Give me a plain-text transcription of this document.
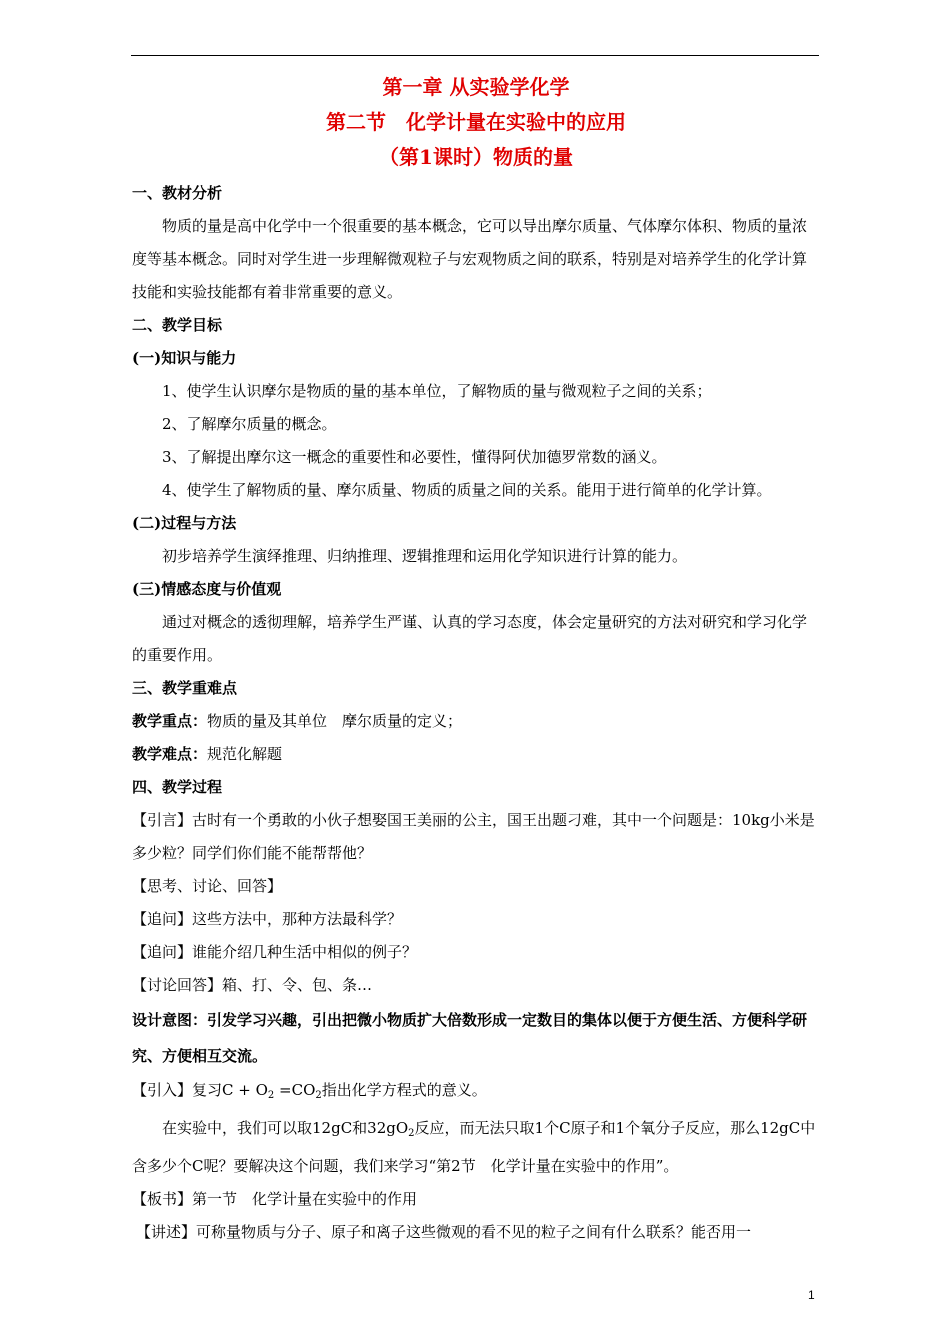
第一章 从实验学化学
第二节　化学计量在实验中的应用
（第1课时）物质的量
一、教材分析
物质的量是高中化学中一个很重要的基本概念，它可以导出摩尔质量、气体摩尔体积、物质的量浓度等基本概念。同时对学生进一步理解微观粒子与宏观物质之间的联系，特别是对培养学生的化学计算技能和实验技能都有着非常重要的意义。
二、教学目标
(一)知识与能力
1、使学生认识摩尔是物质的量的基本单位，了解物质的量与微观粒子之间的关系；
2、了解摩尔质量的概念。
3、了解提出摩尔这一概念的重要性和必要性，懂得阿伏加德罗常数的涵义。
4、使学生了解物质的量、摩尔质量、物质的质量之间的关系。能用于进行简单的化学计算。
(二)过程与方法
初步培养学生演绎推理、归纳推理、逻辑推理和运用化学知识进行计算的能力。
(三)情感态度与价值观
通过对概念的透彻理解，培养学生严谨、认真的学习态度，体会定量研究的方法对研究和学习化学的重要作用。
三、教学重难点
教学重点：物质的量及其单位　摩尔质量的定义；
教学难点：规范化解题
四、教学过程
【引言】古时有一个勇敢的小伙子想娶国王美丽的公主，国王出题刁难，其中一个问题是：10kg小米是多少粒？同学们你们能不能帮帮他？
【思考、讨论、回答】
【追问】这些方法中，那种方法最科学？
【追问】谁能介绍几种生活中相似的例子？
【讨论回答】箱、打、令、包、条…
设计意图：引发学习兴趣，引出把微小物质扩大倍数形成一定数目的集体以便于方便生活、方便科学研究、方便相互交流。
【引入】复习$C + O_2 =CO_2$指出化学方程式的意义。
在实验中，我们可以取12gC和$32gO_2$反应，而无法只取1个C原子和1个氧分子反应，那么12gC中含多少个C呢？要解决这个问题，我们来学习“第2节　化学计量在实验中的作用”。
【板书】第一节　化学计量在实验中的作用
【讲述】可称量物质与分子、原子和离子这些微观的看不见的粒子之间有什么联系？能否用一
1
